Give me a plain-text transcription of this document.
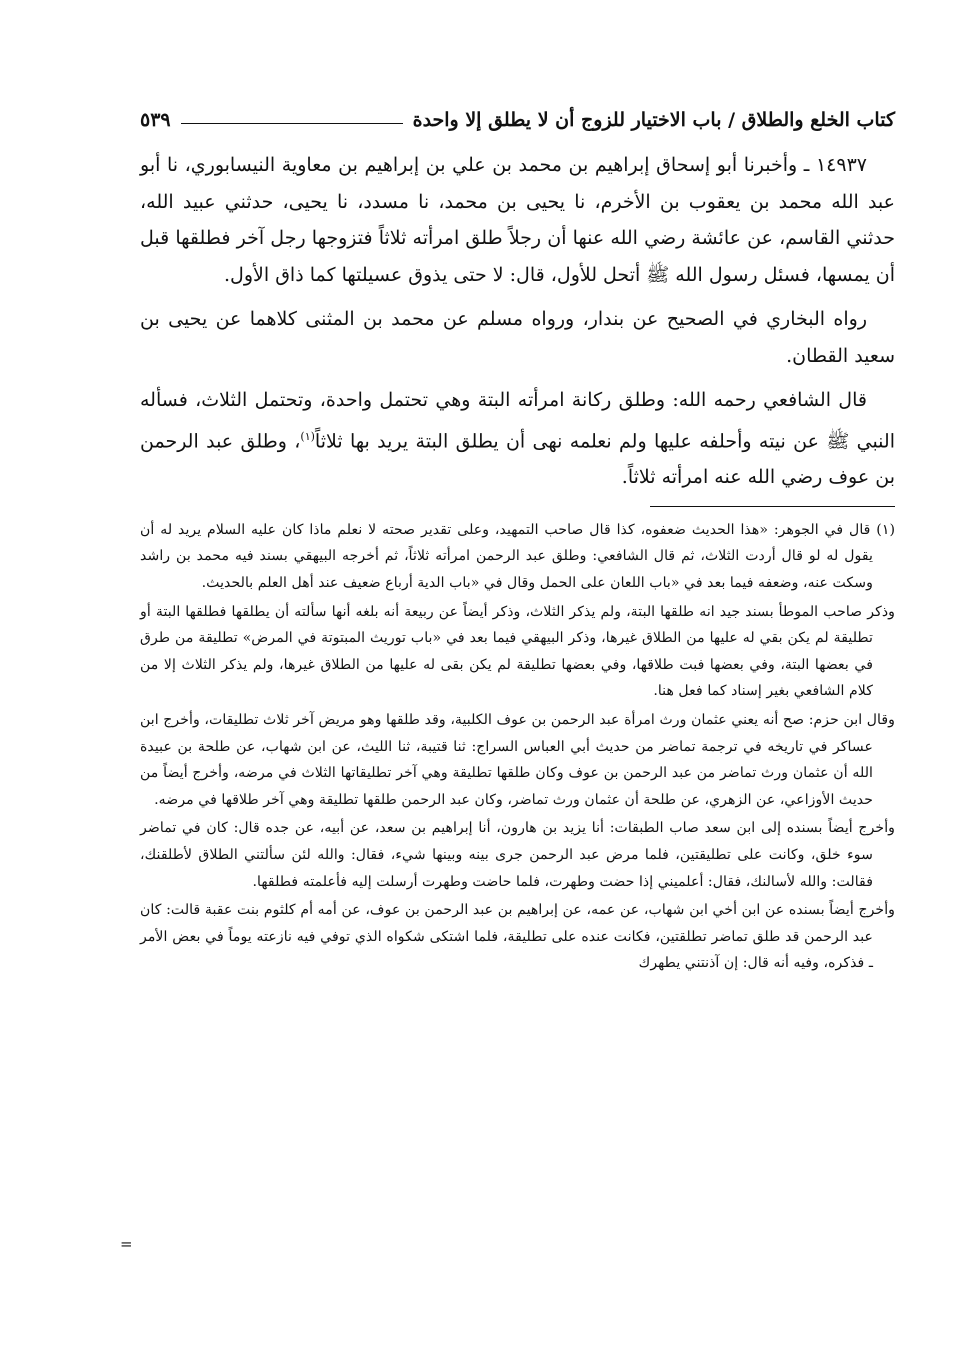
كتاب الخلع والطلاق / باب الاختيار للزوج أن لا يطلق إلا واحدة
٥٣٩

١٤٩٣٧ ـ وأخبرنا أبو إسحاق إبراهيم بن محمد بن علي بن إبراهيم بن معاوية النيسابوري، نا أبو عبد الله محمد بن يعقوب بن الأخرم، نا يحيى بن محمد، نا مسدد، نا يحيى، حدثني عبيد الله، حدثني القاسم، عن عائشة رضي الله عنها أن رجلاً طلق امرأته ثلاثاً فتزوجها رجل آخر فطلقها قبل أن يمسها، فسئل رسول الله ﷺ أتحل للأول، قال: لا حتى يذوق عسيلتها كما ذاق الأول.

رواه البخاري في الصحيح عن بندار، ورواه مسلم عن محمد بن المثنى كلاهما عن يحيى بن سعيد القطان.

قال الشافعي رحمه الله: وطلق ركانة امرأته البتة وهي تحتمل واحدة، وتحتمل الثلاث، فسأله النبي ﷺ عن نيته وأحلفه عليها ولم نعلمه نهى أن يطلق البتة يريد بها ثلاثاً$^{(١)}$، وطلق عبد الرحمن بن عوف رضي الله عنه امرأته ثلاثاً.

(١) قال في الجوهر: «هذا الحديث ضعفوه، كذا قال صاحب التمهيد، وعلى تقدير صحته لا نعلم ماذا كان عليه السلام يريد له أن يقول له لو قال أردت الثلاث، ثم قال الشافعي: وطلق عبد الرحمن امرأته ثلاثاً، ثم أخرجه البيهقي بسند فيه محمد بن راشد وسكت عنه، وضعفه فيما بعد في «باب اللعان على الحمل وقال في «باب الدية أرباع ضعيف عند أهل العلم بالحديث.

وذكر صاحب الموطأ بسند جيد انه طلقها البتة، ولم يذكر الثلاث، وذكر أيضاً عن ربيعة أنه بلغه أنها سألته أن يطلقها فطلقها البتة أو تطليقة لم يكن بقي له عليها من الطلاق غيرها، وذكر البيهقي فيما بعد في «باب توريث المبتوتة في المرض» تطليقة من طرق في بعضها البتة، وفي بعضها فبت طلاقها، وفي بعضها تطليقة لم يكن بقى له عليها من الطلاق غيرها، ولم يذكر الثلاث إلا من كلام الشافعي بغير إسناد كما فعل هنا.

وقال ابن حزم: صح أنه يعني عثمان ورث امرأة عبد الرحمن بن عوف الكلبية، وقد طلقها وهو مريض آخر ثلاث تطليقات، وأخرج ابن عساكر في تاريخه في ترجمة تماضر من حديث أبي العباس السراج: ثنا قتيبة، ثنا الليث، عن ابن شهاب، عن طلحة بن عبيدة الله أن عثمان ورث تماضر من عبد الرحمن بن عوف وكان طلقها تطليقة وهي آخر تطليقاتها الثلاث في مرضه، وأخرج أيضاً من حديث الأوزاعي، عن الزهري، عن طلحة أن عثمان ورث تماضر، وكان عبد الرحمن طلقها تطليقة وهي آخر طلاقها في مرضه.

وأخرج أيضاً بسنده إلى ابن سعد صاب الطبقات: أنا يزيد بن هارون، أنا إبراهيم بن سعد، عن أبيه، عن جده قال: كان في تماضر سوء خلق، وكانت على تطليقتين، فلما مرض عبد الرحمن جرى بينه وبينها شيء، فقال: والله لئن سألتني الطلاق لأطلقنك، فقالت: والله لأسالنك، فقال: أعلميني إذا حضت وطهرت، فلما حاضت وطهرت أرسلت إليه فأعلمته فطلقها.

وأخرج أيضاً بسنده عن ابن أخي ابن شهاب، عن عمه، عن إبراهيم بن عبد الرحمن بن عوف، عن أمه أم كلثوم بنت عقبة قالت: كان عبد الرحمن قد طلق تماضر تطلقتين، فكانت عنده على تطليقة، فلما اشتكى شكواه الذي توفي فيه نازعته يوماً في بعض الأمر ـ فذكره، وفيه أنه قال: إن آذنتني يطهرك

=
